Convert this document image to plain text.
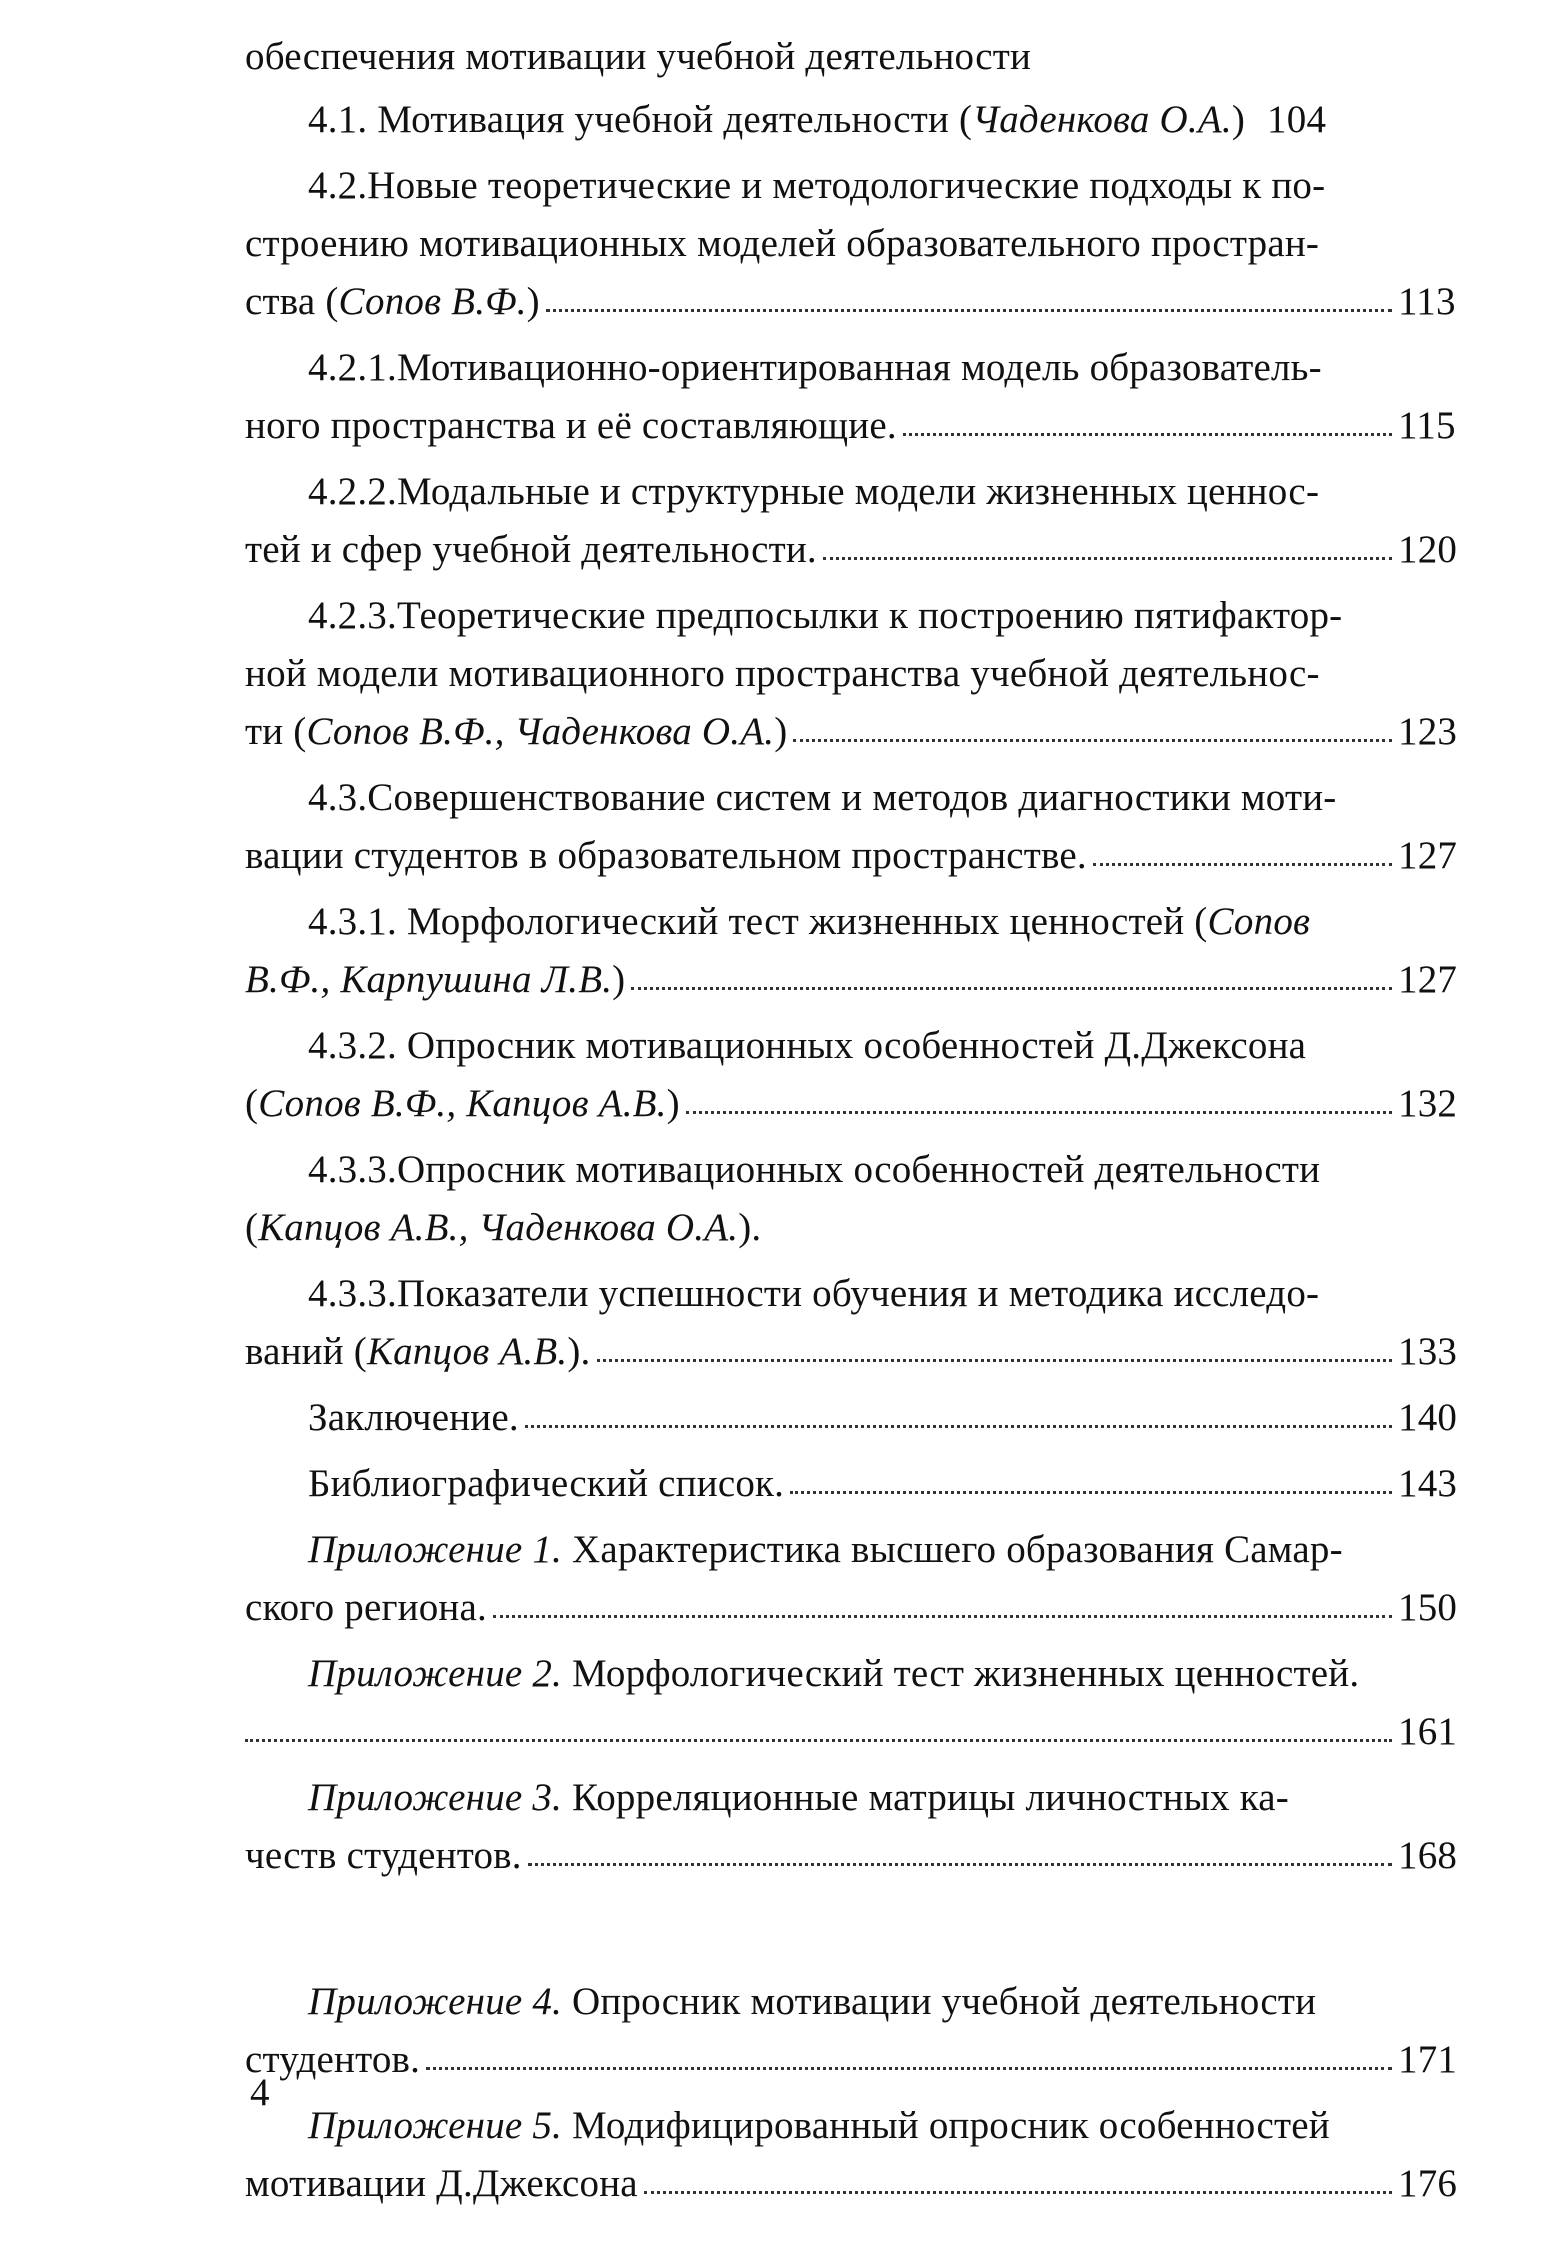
обеспечения мотивации учебной деятельности
4.1. Мотивация учебной деятельности (Чаденкова О.А.) 104
4.2.Новые теоретические и методологические подходы к по-
строению мотивационных моделей образовательного простран-
ства (Сопов В.Ф.)	113
4.2.1.Мотивационно-ориентированная модель образователь-
ного пространства и её составляющие.	115
4.2.2.Модальные и структурные модели жизненных ценнос-
тей и сфер учебной деятельности.	120
4.2.3.Теоретические предпосылки к построению пятифактор-
ной модели мотивационного пространства учебной деятельнос-
ти (Сопов В.Ф., Чаденкова О.А.)	123
4.3.Совершенствование систем и методов диагностики моти-
вации студентов в образовательном пространстве.	127
4.3.1. Морфологический тест жизненных ценностей (Сопов
В.Ф., Карпушина Л.В.)	127
4.3.2. Опросник мотивационных особенностей Д.Джексона
(Сопов В.Ф., Капцов А.В.)	132
4.3.3.Опросник мотивационных особенностей деятельности
(Капцов А.В., Чаденкова О.А.).
4.3.3.Показатели успешности обучения и методика исследо-
ваний (Капцов А.В.).	133
Заключение.	140
Библиографический список.	143
Приложение 1. Характеристика высшего образования Самар-
ского региона.	150
Приложение 2. Морфологический тест жизненных ценностей.
161
Приложение 3. Корреляционные матрицы личностных ка-
честв студентов.	168
Приложение 4. Опросник мотивации учебной деятельности
студентов.	171
Приложение 5. Модифицированный опросник особенностей
мотивации Д.Джексона	176
4
